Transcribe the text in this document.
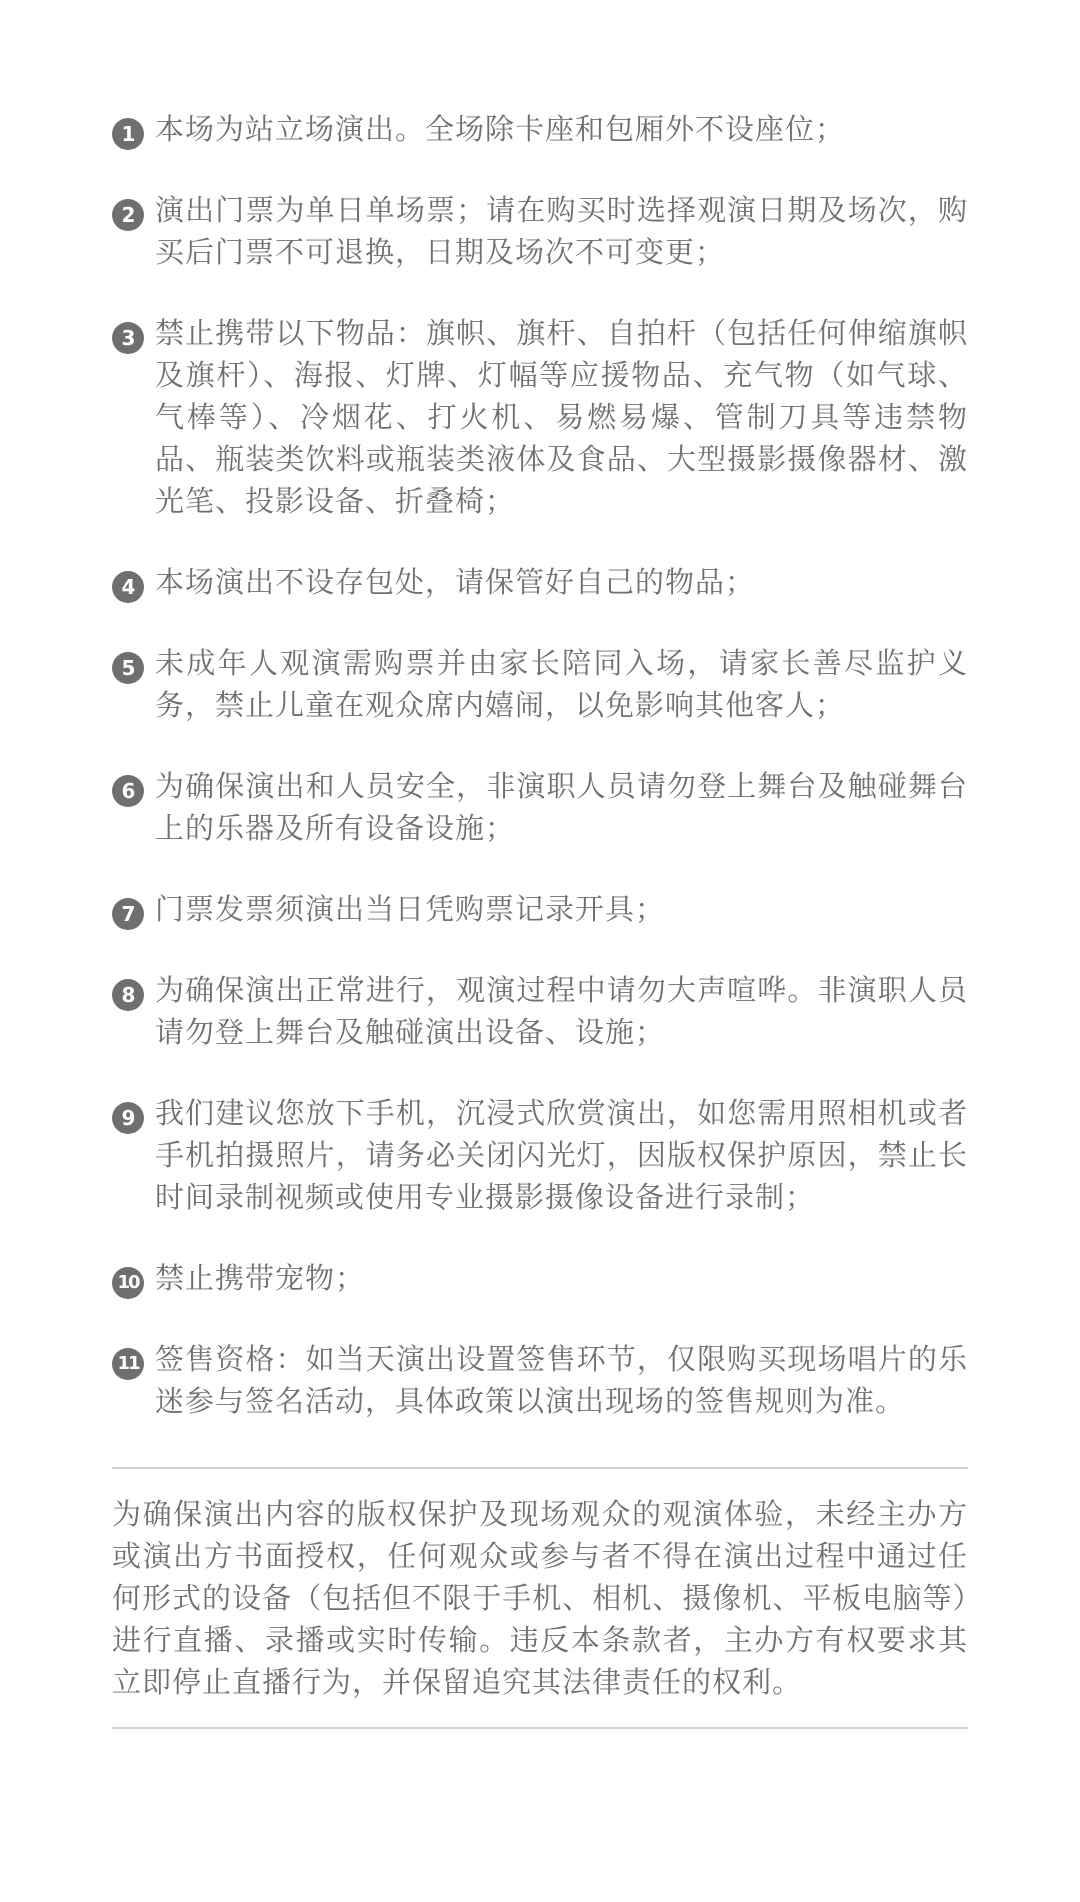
1 本场为站立场演出。全场除卡座和包厢外不设座位；
2 演出门票为单日单场票；请在购买时选择观演日期及场次，购买后门票不可退换，日期及场次不可变更；
3 禁止携带以下物品：旗帜、旗杆、自拍杆（包括任何伸缩旗帜及旗杆）、海报、灯牌、灯幅等应援物品、充气物（如气球、气棒等）、冷烟花、打火机、易燃易爆、管制刀具等违禁物品、瓶装类饮料或瓶装类液体及食品、大型摄影摄像器材、激光笔、投影设备、折叠椅；
4 本场演出不设存包处，请保管好自己的物品；
5 未成年人观演需购票并由家长陪同入场，请家长善尽监护义务，禁止儿童在观众席内嬉闹，以免影响其他客人；
6 为确保演出和人员安全，非演职人员请勿登上舞台及触碰舞台上的乐器及所有设备设施；
7 门票发票须演出当日凭购票记录开具；
8 为确保演出正常进行，观演过程中请勿大声喧哗。非演职人员请勿登上舞台及触碰演出设备、设施；
9 我们建议您放下手机，沉浸式欣赏演出，如您需用照相机或者手机拍摄照片，请务必关闭闪光灯，因版权保护原因，禁止长时间录制视频或使用专业摄影摄像设备进行录制；
10 禁止携带宠物；
11 签售资格：如当天演出设置签售环节，仅限购买现场唱片的乐迷参与签名活动，具体政策以演出现场的签售规则为准。

为确保演出内容的版权保护及现场观众的观演体验，未经主办方或演出方书面授权，任何观众或参与者不得在演出过程中通过任何形式的设备（包括但不限于手机、相机、摄像机、平板电脑等）进行直播、录播或实时传输。违反本条款者，主办方有权要求其立即停止直播行为，并保留追究其法律责任的权利。
